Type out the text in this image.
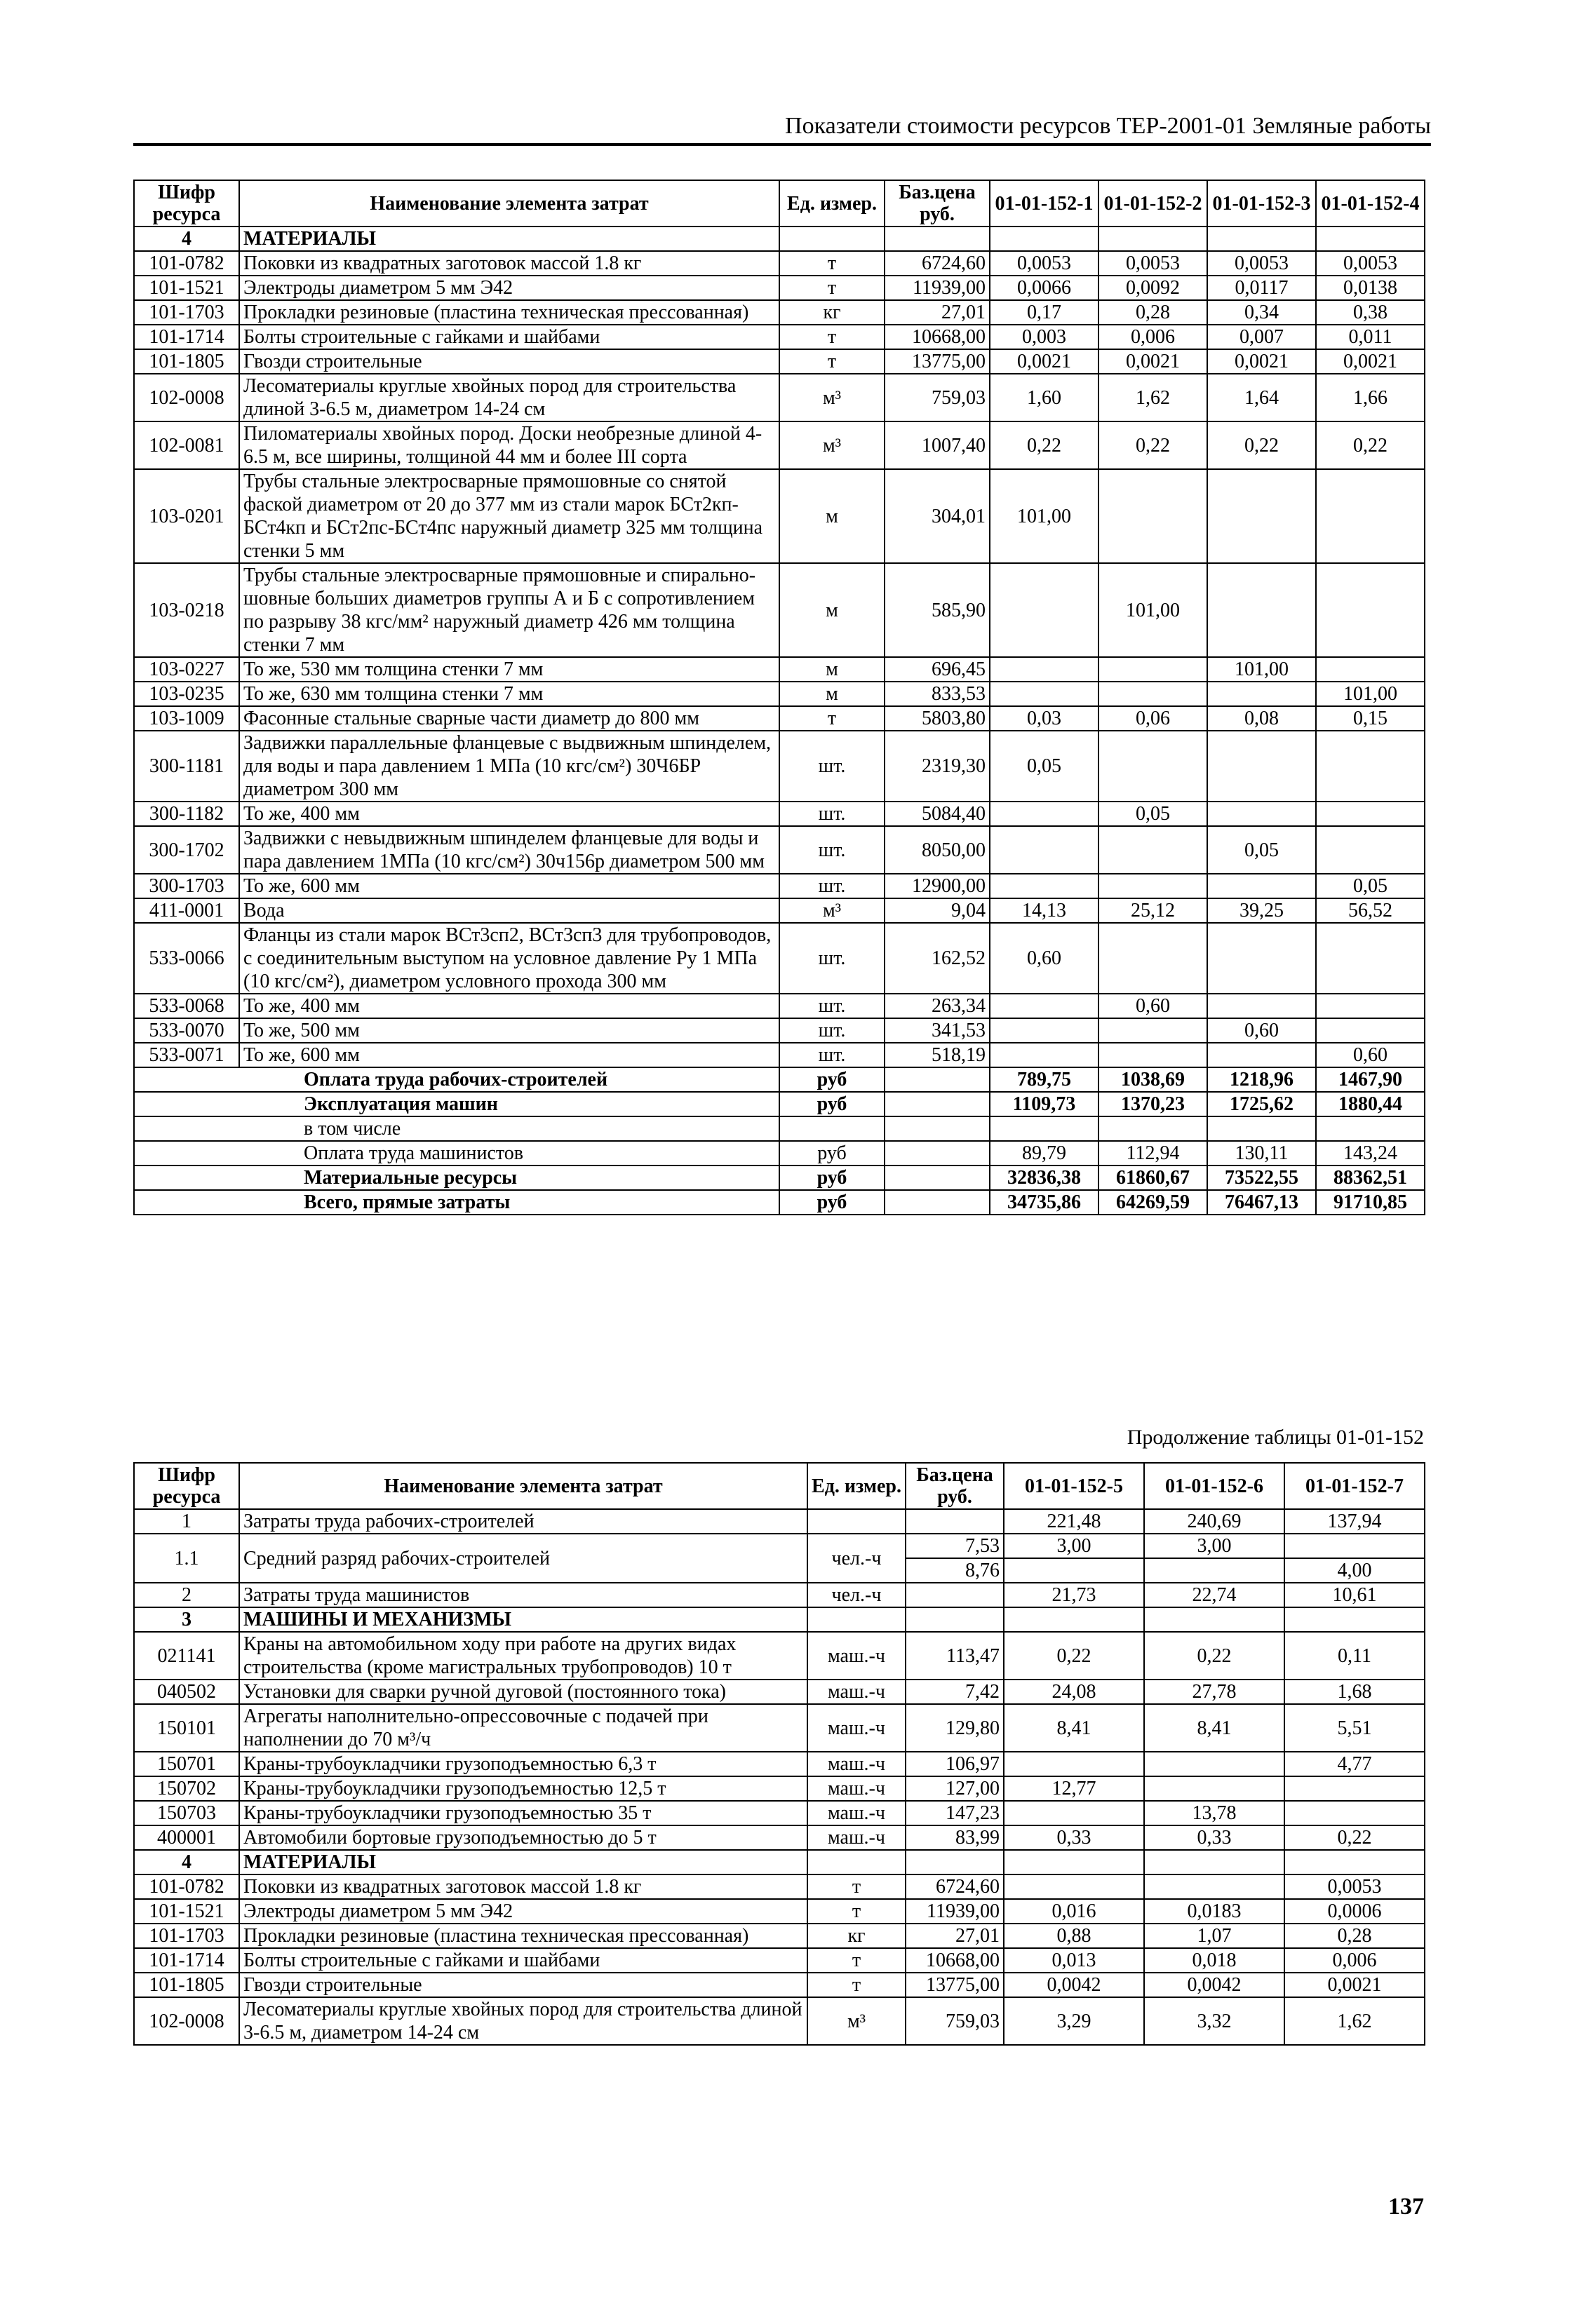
Показатели стоимости ресурсов ТЕР-2001-01 Земляные работы
Шифр ресурса	Наименование элемента затрат	Ед. измер.	Баз.цена руб.	01-01-152-1	01-01-152-2	01-01-152-3	01-01-152-4
4	МАТЕРИАЛЫ						
101-0782	Поковки из квадратных заготовок массой 1.8 кг	т	6724,60	0,0053	0,0053	0,0053	0,0053
101-1521	Электроды диаметром 5 мм Э42	т	11939,00	0,0066	0,0092	0,0117	0,0138
101-1703	Прокладки резиновые (пластина техническая прессованная)	кг	27,01	0,17	0,28	0,34	0,38
101-1714	Болты строительные с гайками и шайбами	т	10668,00	0,003	0,006	0,007	0,011
101-1805	Гвозди строительные	т	13775,00	0,0021	0,0021	0,0021	0,0021
102-0008	Лесоматериалы круглые хвойных пород для строительства длиной 3-6.5 м, диаметром 14-24 см	м³	759,03	1,60	1,62	1,64	1,66
102-0081	Пиломатериалы хвойных пород. Доски необрезные длиной 4-6.5 м, все ширины, толщиной 44 мм и более III сорта	м³	1007,40	0,22	0,22	0,22	0,22
103-0201	Трубы стальные электросварные прямошовные со снятой фаской диаметром от 20 до 377 мм из стали марок БСт2кп-БСт4кп и БСт2пс-БСт4пс наружный диаметр 325 мм толщина стенки 5 мм	м	304,01	101,00			
103-0218	Трубы стальные электросварные прямошовные и спирально-шовные больших диаметров группы А и Б с сопротивлением по разрыву 38 кгс/мм² наружный диаметр 426 мм толщина стенки 7 мм	м	585,90		101,00		
103-0227	То же, 530 мм толщина стенки 7 мм	м	696,45			101,00	
103-0235	То же, 630 мм толщина стенки 7 мм	м	833,53				101,00
103-1009	Фасонные стальные сварные части диаметр до 800 мм	т	5803,80	0,03	0,06	0,08	0,15
300-1181	Задвижки параллельные фланцевые с выдвижным шпинделем, для воды и пара давлением 1 МПа (10 кгс/см²) 30Ч6БР диаметром 300 мм	шт.	2319,30	0,05			
300-1182	То же, 400 мм	шт.	5084,40		0,05		
300-1702	Задвижки с невыдвижным шпинделем фланцевые для воды и пара давлением 1МПа (10 кгс/см²) 30ч156р диаметром 500 мм	шт.	8050,00			0,05	
300-1703	То же, 600 мм	шт.	12900,00				0,05
411-0001	Вода	м³	9,04	14,13	25,12	39,25	56,52
533-0066	Фланцы из стали марок ВСт3сп2, ВСт3сп3 для трубопроводов, с соединительным выступом на условное давление Ру 1 МПа (10 кгс/см²), диаметром условного прохода 300 мм	шт.	162,52	0,60			
533-0068	То же, 400 мм	шт.	263,34		0,60		
533-0070	То же, 500 мм	шт.	341,53			0,60	
533-0071	То же, 600 мм	шт.	518,19				0,60
	Оплата труда рабочих-строителей	руб		789,75	1038,69	1218,96	1467,90
	Эксплуатация машин	руб		1109,73	1370,23	1725,62	1880,44
	в том числе						
	Оплата труда машинистов	руб		89,79	112,94	130,11	143,24
	Материальные ресурсы	руб		32836,38	61860,67	73522,55	88362,51
	Всего, прямые затраты	руб		34735,86	64269,59	76467,13	91710,85
Продолжение таблицы 01-01-152
Шифр ресурса	Наименование элемента затрат	Ед. измер.	Баз.цена руб.	01-01-152-5	01-01-152-6	01-01-152-7
1	Затраты труда рабочих-строителей			221,48	240,69	137,94
1.1	Средний разряд рабочих-строителей	чел.-ч	7,53	3,00	3,00	
			8,76			4,00
2	Затраты труда машинистов	чел.-ч		21,73	22,74	10,61
3	МАШИНЫ И МЕХАНИЗМЫ					
021141	Краны на автомобильном ходу при работе на других видах строительства (кроме магистральных трубопроводов) 10 т	маш.-ч	113,47	0,22	0,22	0,11
040502	Установки для сварки ручной дуговой (постоянного тока)	маш.-ч	7,42	24,08	27,78	1,68
150101	Агрегаты наполнительно-опрессовочные с подачей при наполнении до 70 м³/ч	маш.-ч	129,80	8,41	8,41	5,51
150701	Краны-трубоукладчики грузоподъемностью 6,3 т	маш.-ч	106,97			4,77
150702	Краны-трубоукладчики грузоподъемностью 12,5 т	маш.-ч	127,00	12,77		
150703	Краны-трубоукладчики грузоподъемностью 35 т	маш.-ч	147,23		13,78	
400001	Автомобили бортовые грузоподъемностью до 5 т	маш.-ч	83,99	0,33	0,33	0,22
4	МАТЕРИАЛЫ					
101-0782	Поковки из квадратных заготовок массой 1.8 кг	т	6724,60			0,0053
101-1521	Электроды диаметром 5 мм Э42	т	11939,00	0,016	0,0183	0,0006
101-1703	Прокладки резиновые (пластина техническая прессованная)	кг	27,01	0,88	1,07	0,28
101-1714	Болты строительные с гайками и шайбами	т	10668,00	0,013	0,018	0,006
101-1805	Гвозди строительные	т	13775,00	0,0042	0,0042	0,0021
102-0008	Лесоматериалы круглые хвойных пород для строительства длиной 3-6.5 м, диаметром 14-24 см	м³	759,03	3,29	3,32	1,62
137
